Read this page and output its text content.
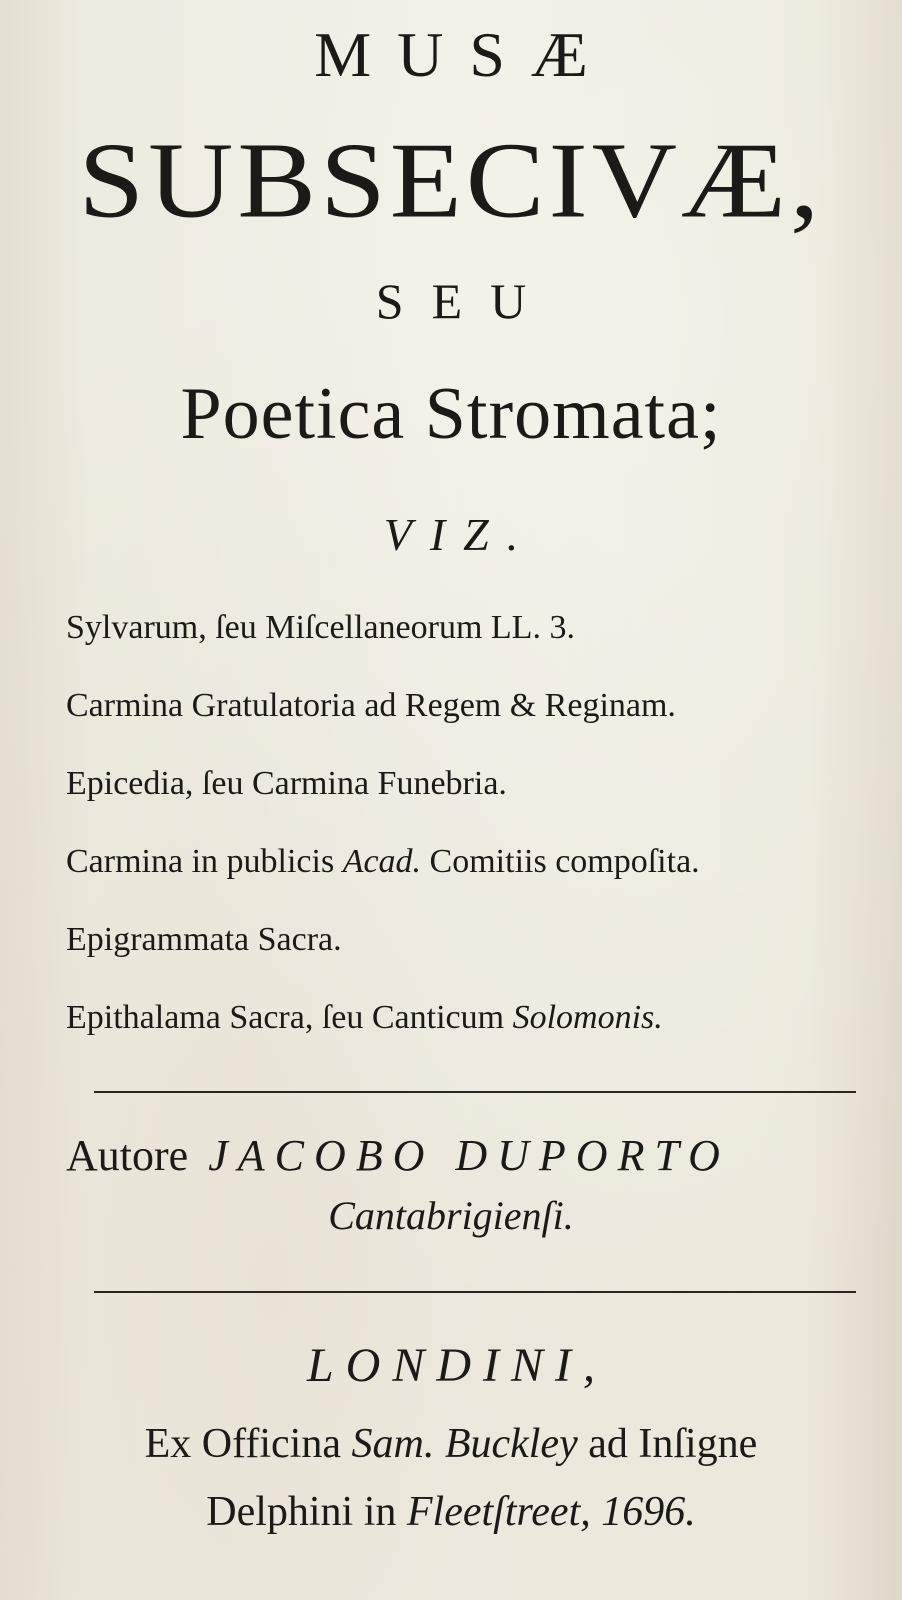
MUSÆ
SUBSECIVÆ,
SEU
Poetica Stromata;
VIZ.
Sylvarum, ſeu Miſcellaneorum LL. 3.
Carmina Gratulatoria ad Regem & Reginam.
Epicedia, ſeu Carmina Funebria.
Carmina in publicis Acad. Comitiis compoſita.
Epigrammata Sacra.
Epithalama Sacra, ſeu Canticum Solomonis.
Autore JACOBO DUPORTO
Cantabrigienſi.
LONDINI,
Ex Officina Sam. Buckley ad Inſigne
Delphini in Fleetſtreet, 1696.
